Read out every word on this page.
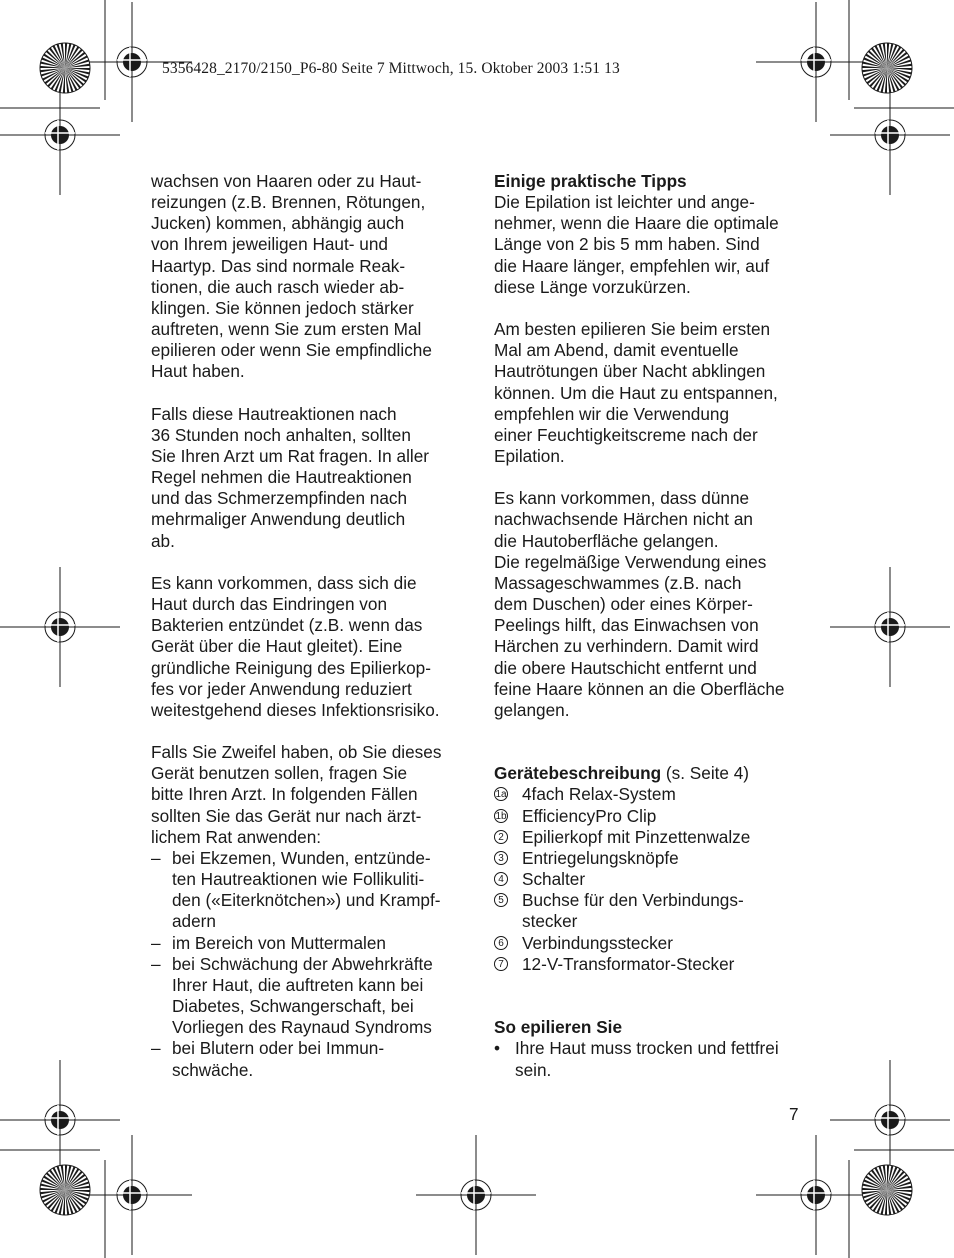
5356428_2170/2150_P6-80 Seite 7 Mittwoch, 15. Oktober 2003 1:51 13

wachsen von Haaren oder zu Haut-
reizungen (z.B. Brennen, Rötungen,
Jucken) kommen, abhängig auch
von Ihrem jeweiligen Haut- und
Haartyp. Das sind normale Reak-
tionen, die auch rasch wieder ab-
klingen. Sie können jedoch stärker
auftreten, wenn Sie zum ersten Mal
epilieren oder wenn Sie empfindliche
Haut haben.

Falls diese Hautreaktionen nach
36 Stunden noch anhalten, sollten
Sie Ihren Arzt um Rat fragen. In aller
Regel nehmen die Hautreaktionen
und das Schmerzempfinden nach
mehrmaliger Anwendung deutlich
ab.

Es kann vorkommen, dass sich die
Haut durch das Eindringen von
Bakterien entzündet (z.B. wenn das
Gerät über die Haut gleitet). Eine
gründliche Reinigung des Epilierkop-
fes vor jeder Anwendung reduziert
weitestgehend dieses Infektionsrisiko.

Falls Sie Zweifel haben, ob Sie dieses
Gerät benutzen sollen, fragen Sie
bitte Ihren Arzt. In folgenden Fällen
sollten Sie das Gerät nur nach ärzt-
lichem Rat anwenden:

– bei Ekzemen, Wunden, entzünde-
ten Hautreaktionen wie Follikuliti-
den («Eiterknötchen») und Krampf-
adern
– im Bereich von Muttermalen
– bei Schwächung der Abwehrkräfte
Ihrer Haut, die auftreten kann bei
Diabetes, Schwangerschaft, bei
Vorliegen des Raynaud Syndroms
– bei Blutern oder bei Immun-
schwäche.

Einige praktische Tipps
Die Epilation ist leichter und ange-
nehmer, wenn die Haare die optimale
Länge von 2 bis 5 mm haben. Sind
die Haare länger, empfehlen wir, auf
diese Länge vorzukürzen.

Am besten epilieren Sie beim ersten
Mal am Abend, damit eventuelle
Hautrötungen über Nacht abklingen
können. Um die Haut zu entspannen,
empfehlen wir die Verwendung
einer Feuchtigkeitscreme nach der
Epilation.

Es kann vorkommen, dass dünne
nachwachsende Härchen nicht an
die Hautoberfläche gelangen.
Die regelmäßige Verwendung eines
Massageschwammes (z.B. nach
dem Duschen) oder eines Körper-
Peelings hilft, das Einwachsen von
Härchen zu verhindern. Damit wird
die obere Hautschicht entfernt und
feine Haare können an die Oberfläche
gelangen.

Gerätebeschreibung (s. Seite 4)
1a 4fach Relax-System
1b EfficiencyPro Clip
2 Epilierkopf mit Pinzettenwalze
3 Entriegelungsknöpfe
4 Schalter
5 Buchse für den Verbindungs-
stecker
6 Verbindungsstecker
7 12-V-Transformator-Stecker
So epilieren Sie
• Ihre Haut muss trocken und fettfrei
sein.
7
